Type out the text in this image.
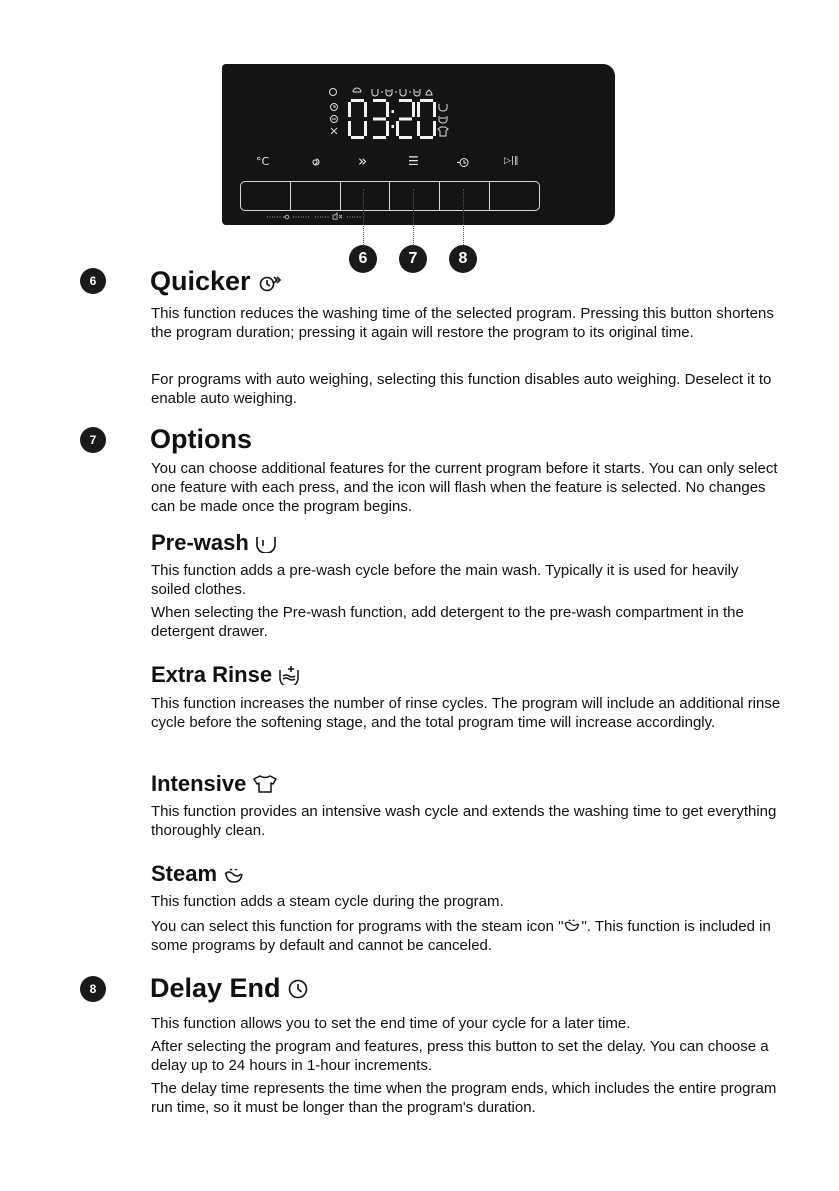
°C	»	☰	▷|‖
6	7	8
6	Quicker

This function reduces the washing time of the selected program. Pressing this button shortens the program duration; pressing it again will restore the program to its original time.

For programs with auto weighing, selecting this function disables auto weighing. Deselect it to enable auto weighing.

7	Options

You can choose additional features for the current program before it starts. You can only select one feature with each press, and the icon will flash when the feature is selected. No changes can be made once the program begins.

Pre-wash

This function adds a pre-wash cycle before the main wash. Typically it is used for heavily soiled clothes.

When selecting the Pre-wash function, add detergent to the pre-wash compartment in the detergent drawer.

Extra Rinse

This function increases the number of rinse cycles. The program will include an additional rinse cycle before the softening stage, and the total program time will increase accordingly.

Intensive

This function provides an intensive wash cycle and extends the washing time to get everything thoroughly clean.

Steam

This function adds a steam cycle during the program.

You can select this function for programs with the steam icon " ". This function is included in some programs by default and cannot be canceled.

8	Delay End

This function allows you to set the end time of your cycle for a later time.

After selecting the program and features, press this button to set the delay. You can choose a delay up to 24 hours in 1-hour increments.

The delay time represents the time when the program ends, which includes the entire program run time, so it must be longer than the program's duration.
